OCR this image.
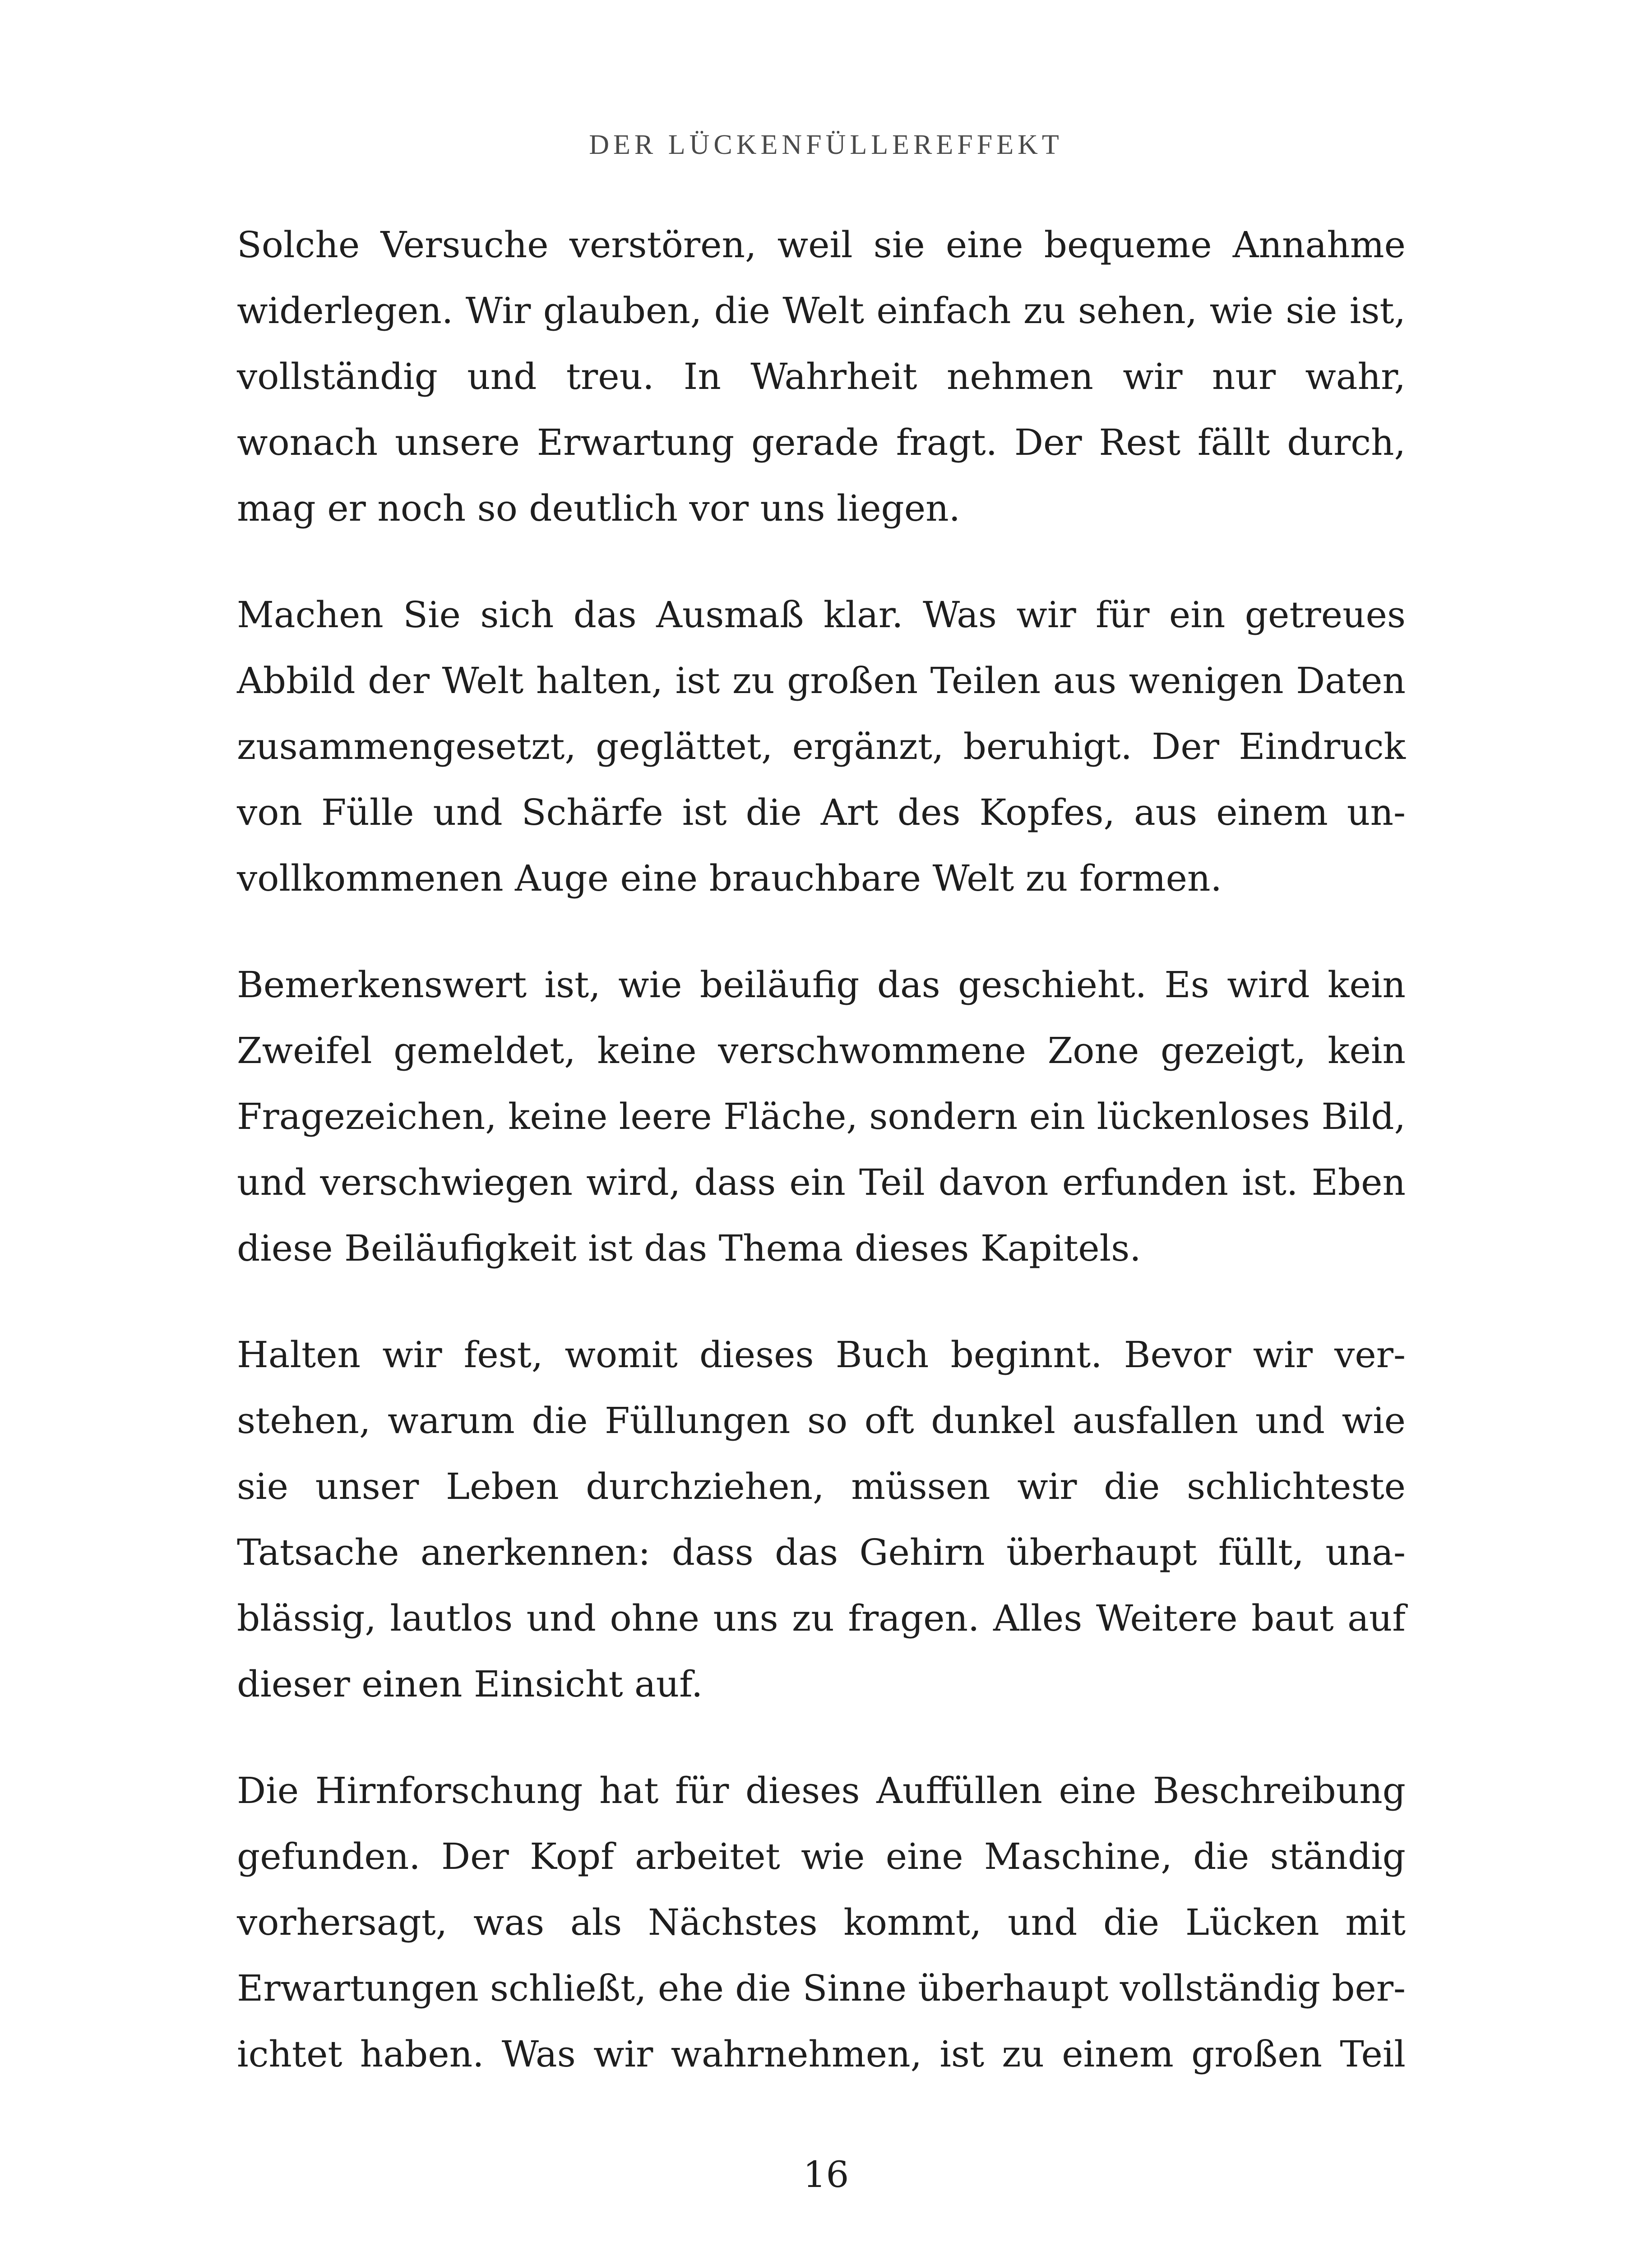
DER LÜCKENFÜLLEREFFEKT

Solche Versuche verstören, weil sie eine bequeme Annahme
widerlegen. Wir glauben, die Welt einfach zu sehen, wie sie ist,
vollständig und treu. In Wahrheit nehmen wir nur wahr,
wonach unsere Erwartung gerade fragt. Der Rest fällt durch,
mag er noch so deutlich vor uns liegen.

Machen Sie sich das Ausmaß klar. Was wir für ein getreues
Abbild der Welt halten, ist zu großen Teilen aus wenigen Daten
zusammengesetzt, geglättet, ergänzt, beruhigt. Der Eindruck
von Fülle und Schärfe ist die Art des Kopfes, aus einem un-
vollkommenen Auge eine brauchbare Welt zu formen.

Bemerkenswert ist, wie beiläufig das geschieht. Es wird kein
Zweifel gemeldet, keine verschwommene Zone gezeigt, kein
Fragezeichen, keine leere Fläche, sondern ein lückenloses Bild,
und verschwiegen wird, dass ein Teil davon erfunden ist. Eben
diese Beiläufigkeit ist das Thema dieses Kapitels.

Halten wir fest, womit dieses Buch beginnt. Bevor wir ver-
stehen, warum die Füllungen so oft dunkel ausfallen und wie
sie unser Leben durchziehen, müssen wir die schlichteste
Tatsache anerkennen: dass das Gehirn überhaupt füllt, una-
blässig, lautlos und ohne uns zu fragen. Alles Weitere baut auf
dieser einen Einsicht auf.

Die Hirnforschung hat für dieses Auffüllen eine Beschreibung
gefunden. Der Kopf arbeitet wie eine Maschine, die ständig
vorhersagt, was als Nächstes kommt, und die Lücken mit
Erwartungen schließt, ehe die Sinne überhaupt vollständig ber-
ichtet haben. Was wir wahrnehmen, ist zu einem großen Teil

16
